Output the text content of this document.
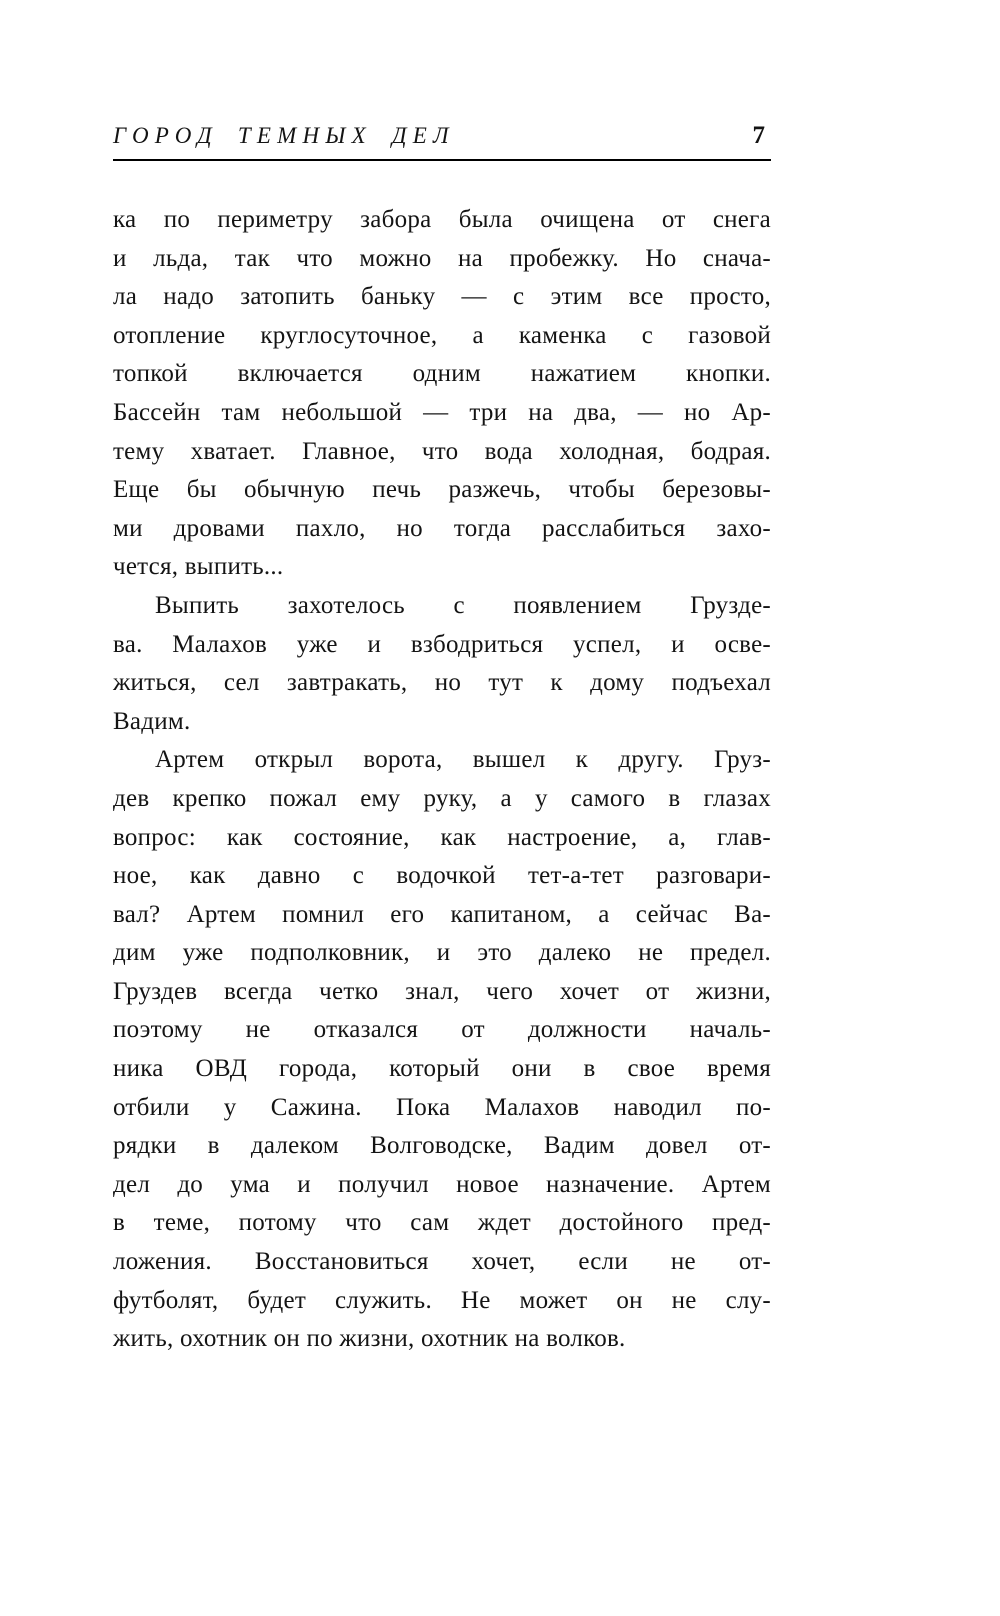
ГОРОД ТЕМНЫХ ДЕЛ	7

ка по периметру забора была очищена от снега
и льда, так что можно на пробежку. Но снача-
ла надо затопить баньку — с этим все просто,
отопление круглосуточное, а каменка с газовой
топкой включается одним нажатием кнопки.
Бассейн там небольшой — три на два, — но Ар-
тему хватает. Главное, что вода холодная, бодрая.
Еще бы обычную печь разжечь, чтобы березовы-
ми дровами пахло, но тогда расслабиться захо-
чется, выпить...

Выпить захотелось с появлением Грузде-
ва. Малахов уже и взбодриться успел, и осве-
житься, сел завтракать, но тут к дому подъехал
Вадим.

Артем открыл ворота, вышел к другу. Груз-
дев крепко пожал ему руку, а у самого в глазах
вопрос: как состояние, как настроение, а, глав-
ное, как давно с водочкой тет-а-тет разговари-
вал? Артем помнил его капитаном, а сейчас Ва-
дим уже подполковник, и это далеко не предел.
Груздев всегда четко знал, чего хочет от жизни,
поэтому не отказался от должности началь-
ника ОВД города, который они в свое время
отбили у Сажина. Пока Малахов наводил по-
рядки в далеком Волговодске, Вадим довел от-
дел до ума и получил новое назначение. Артем
в теме, потому что сам ждет достойного пред-
ложения. Восстановиться хочет, если не от-
футболят, будет служить. Не может он не слу-
жить, охотник он по жизни, охотник на волков.
